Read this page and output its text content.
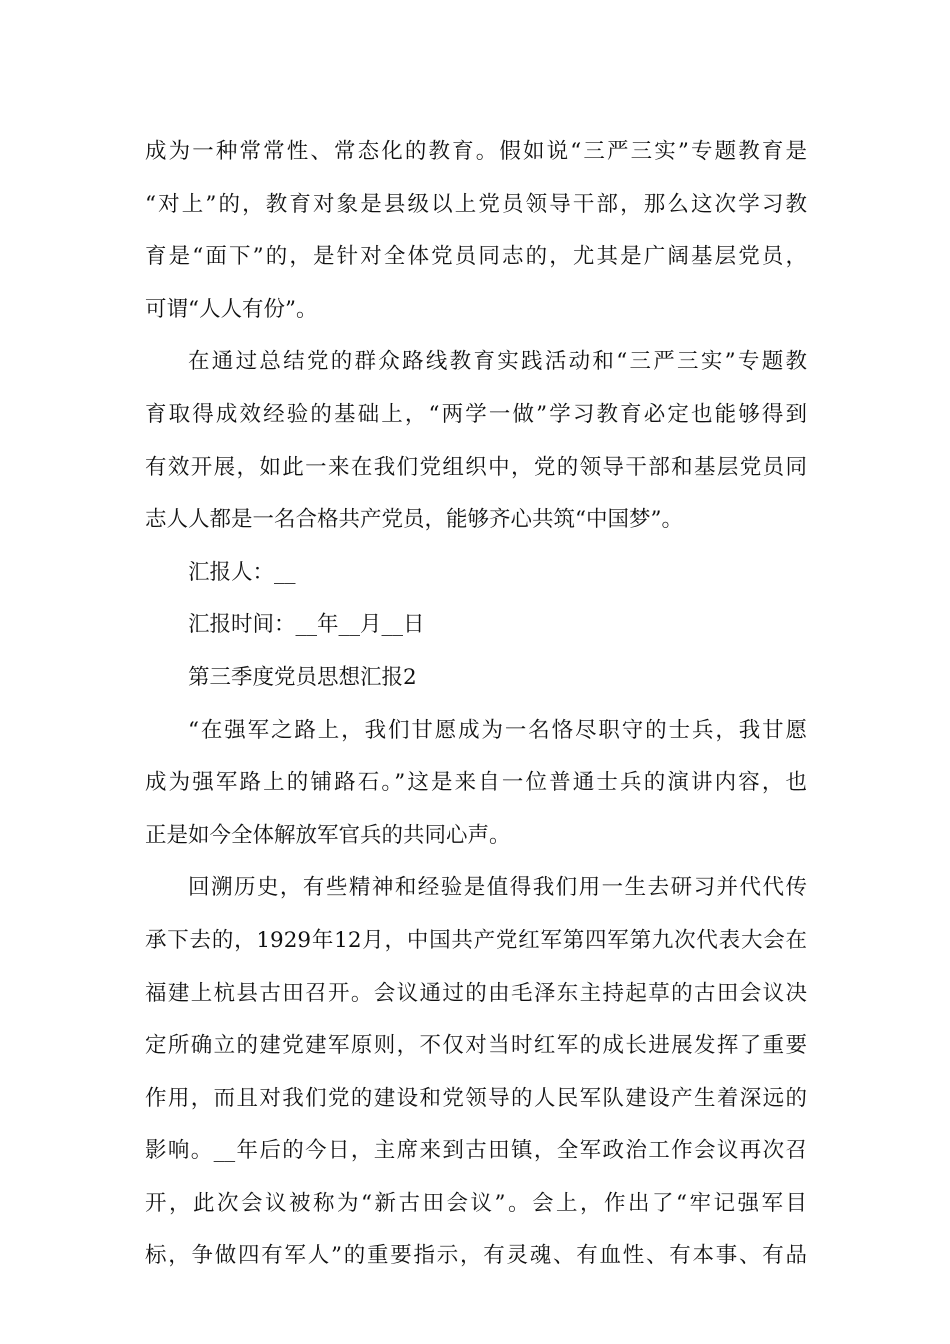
成为一种常常性、常态化的教育。假如说“三严三实”专题教育是
“对上”的，教育对象是县级以上党员领导干部，那么这次学习教
育是“面下”的，是针对全体党员同志的，尤其是广阔基层党员，
可谓“人人有份”。
在通过总结党的群众路线教育实践活动和“三严三实”专题教
育取得成效经验的基础上，“两学一做”学习教育必定也能够得到
有效开展，如此一来在我们党组织中，党的领导干部和基层党员同
志人人都是一名合格共产党员，能够齐心共筑“中国梦”。
汇报人：__
汇报时间：__年__月__日
第三季度党员思想汇报2
“在强军之路上，我们甘愿成为一名恪尽职守的士兵，我甘愿
成为强军路上的铺路石。”这是来自一位普通士兵的演讲内容，也
正是如今全体解放军官兵的共同心声。
回溯历史，有些精神和经验是值得我们用一生去研习并代代传
承下去的，1929年12月，中国共产党红军第四军第九次代表大会在
福建上杭县古田召开。会议通过的由毛泽东主持起草的古田会议决
定所确立的建党建军原则，不仅对当时红军的成长进展发挥了重要
作用，而且对我们党的建设和党领导的人民军队建设产生着深远的
影响。__年后的今日，主席来到古田镇，全军政治工作会议再次召
开，此次会议被称为“新古田会议”。会上，作出了“牢记强军目
标，争做四有军人”的重要指示，有灵魂、有血性、有本事、有品
